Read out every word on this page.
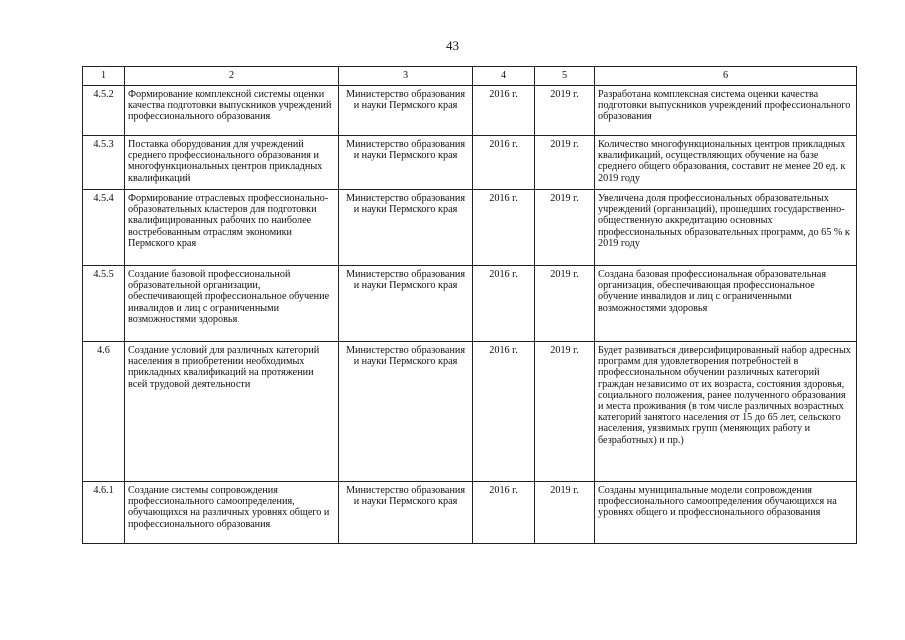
43
1	2	3	4	5	6
4.5.2	Формирование комплексной системы оценки качества подготовки выпускников учреждений профессионального образования	Министерство образования и науки Пермского края	2016 г.	2019 г.	Разработана комплексная система оценки качества подготовки выпускников учреждений профессионального образования
4.5.3	Поставка оборудования для учреждений среднего профессионального образования и многофункциональных центров прикладных квалификаций	Министерство образования и науки Пермского края	2016 г.	2019 г.	Количество многофункциональных центров прикладных квалификаций, осуществляющих обучение на базе среднего общего образования, составит не менее 20 ед. к 2019 году
4.5.4	Формирование отраслевых профессионально-образовательных кластеров для подготовки квалифицированных рабочих по наиболее востребованным отраслям экономики Пермского края	Министерство образования и науки Пермского края	2016 г.	2019 г.	Увеличена доля профессиональных образовательных учреждений (организаций), прошедших государственно-общественную аккредитацию основных профессиональных образовательных программ, до 65 % к 2019 году
4.5.5	Создание базовой профессиональной образовательной организации, обеспечивающей профессиональное обучение инвалидов и лиц с ограниченными возможностями здоровья	Министерство образования и науки Пермского края	2016 г.	2019 г.	Создана базовая профессиональная образовательная организация, обеспечивающая профессиональное обучение инвалидов и лиц с ограниченными возможностями здоровья
4.6	Создание условий для различных категорий населения в приобретении необходимых прикладных квалификаций на протяжении всей трудовой деятельности	Министерство образования и науки Пермского края	2016 г.	2019 г.	Будет развиваться диверсифицированный набор адресных программ для удовлетворения потребностей в профессиональном обучении различных категорий граждан независимо от их возраста, состояния здоровья, социального положения, ранее полученного образования и места проживания (в том числе различных возрастных категорий занятого населения от 15 до 65 лет, сельского населения, уязвимых групп (меняющих работу и безработных) и пр.)
4.6.1	Создание системы сопровождения профессионального самоопределения, обучающихся на различных уровнях общего и профессионального образования	Министерство образования и науки Пермского края	2016 г.	2019 г.	Созданы муниципальные модели сопровождения профессионального самоопределения обучающихся на уровнях общего и профессионального образования
